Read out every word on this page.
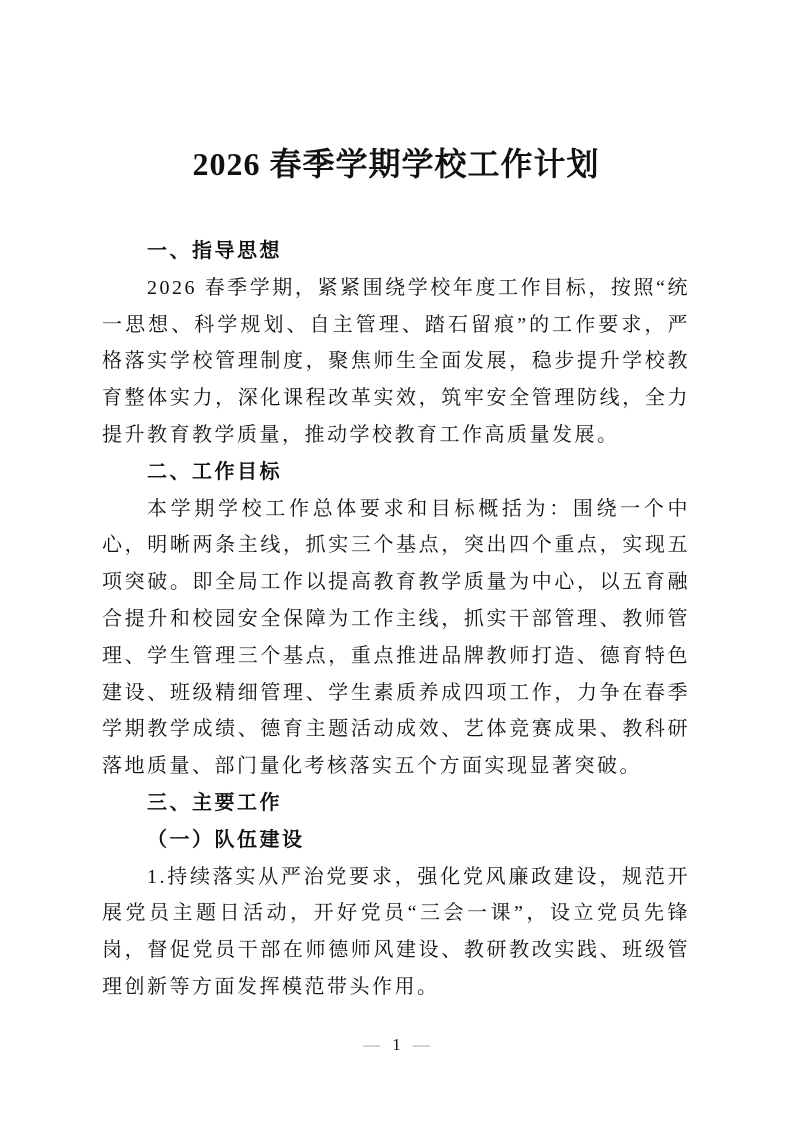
2026 春季学期学校工作计划
一、指导思想

2026 春季学期，紧紧围绕学校年度工作目标，按照“统一思想、科学规划、自主管理、踏石留痕”的工作要求，严格落实学校管理制度，聚焦师生全面发展，稳步提升学校教育整体实力，深化课程改革实效，筑牢安全管理防线，全力提升教育教学质量，推动学校教育工作高质量发展。

二、工作目标

本学期学校工作总体要求和目标概括为：围绕一个中心，明晰两条主线，抓实三个基点，突出四个重点，实现五项突破。即全局工作以提高教育教学质量为中心，以五育融合提升和校园安全保障为工作主线，抓实干部管理、教师管理、学生管理三个基点，重点推进品牌教师打造、德育特色建设、班级精细管理、学生素质养成四项工作，力争在春季学期教学成绩、德育主题活动成效、艺体竞赛成果、教科研落地质量、部门量化考核落实五个方面实现显著突破。

三、主要工作
（一）队伍建设

1.持续落实从严治党要求，强化党风廉政建设，规范开展党员主题日活动，开好党员“三会一课”，设立党员先锋岗，督促党员干部在师德师风建设、教研教改实践、班级管理创新等方面发挥模范带头作用。

— 1 —
